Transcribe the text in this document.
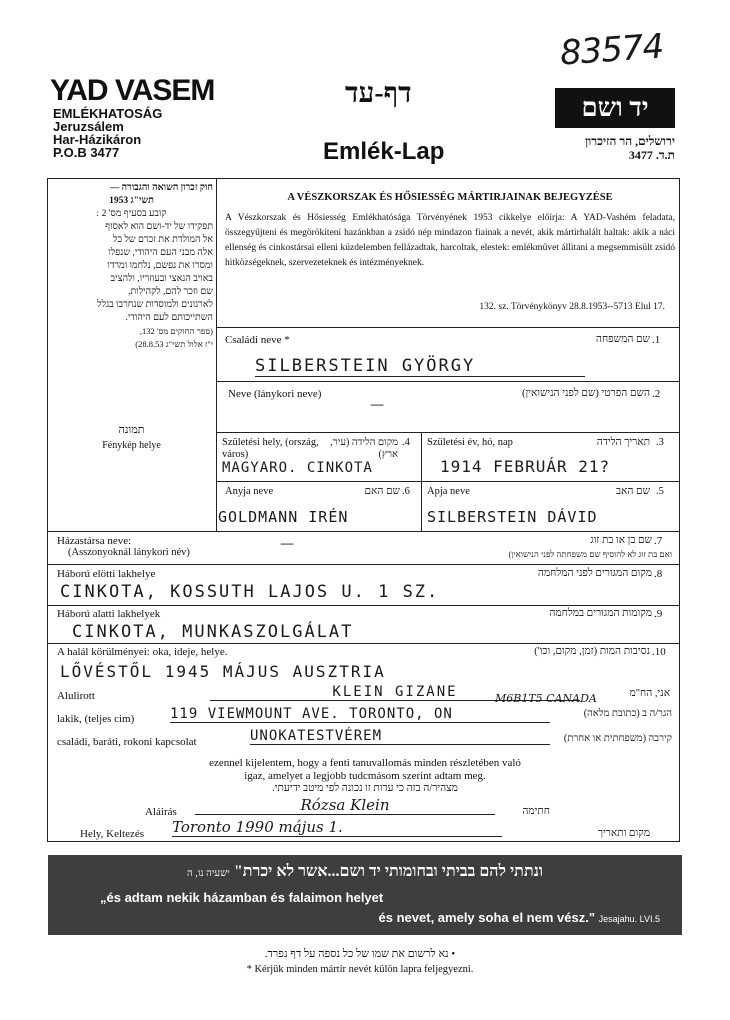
83574
YAD VASEM
EMLÉKHATOSÁG
Jeruzsálem
Har-Házikáron
P.O.B 3477
דף-עד
Emlék-Lap
יד ושם
ירושלים, הר הזיכרון
ת.ד. 3477
חוק זכרון השואה והגבורה —
תשי"ג 1953
קובע בסעיף מס' 2 :
תפקידו של יד-ושם הוא לאסוף
אל המולדת את זכרם של כל
אלה מבני העם היהודי, שנפלו
ומסרו את נפשם, נלחמו ומרדו
באויב הנאצי ובעוזריו, ולהציב
שם וזכר להם, לקהילות,
לארגונים ולמוסדות שנחרבו בגלל
השתייכותם לעם היהודי.
(ספר החוקים מס' 132,
י"ז אלול תשי"ג 28.8.53)
תמונה
Fénykép helye
A VÉSZKORSZAK ÉS HŐSIESSÉG MÁRTIRJAINAK BEJEGYZÉSE
A Vészkorszak és Hősiesség Emlékhatósága Törvényének 1953 cikkelye előírja: A YAD-Vashém feladata, összegyűjteni és megörökíteni hazánkban a zsidó nép mindazon fiainak a nevét, akik mártirhalált haltak: akik a náci ellenség és cinkostársai elleni küzdelemben fellázadtak, harcoltak, elestek: emlékművet állitani a megsemmisült zsidó hitközségeknek, szervezeteknek és intézményeknek.
132. sz. Törvénykönyv 28.8.1953--5713 Elul 17.
Családi neve *	שם המשפחה .1
SILBERSTEIN GYÖRGY
Neve (lánykori neve)	השם הפרטי (שם לפני הנישואין) .2
—
Születési hely, (ország, város)
מקום הלידה (עיר, ארץ)
.4
MAGYARO. CINKOTA
Születési év, hó, nap	תאריך הלידה .3
1914 FEBRUÁR 21?
Anyja neve	שם האם .6
GOLDMANN IRÉN
Apja neve	שם האב .5
SILBERSTEIN DÁVID
Házastársa neve:
(Asszonyoknál lánykori név)
שם בן או בת זוג
ואם בת זוג לא להוסיף שם משפחתה לפני הנישואין)
.7
—
Háború elötti lakhelye	מקום המגורים לפני המלחמה .8
CINKOTA, KOSSUTH LAJOS U. 1 SZ.
Háború alatti lakhelyek	מקומות המגורים במלחמה .9
CINKOTA, MUNKASZOLGÁLAT
A halál körülményei: oka, ideje, helye.	נסיבות המות (זמן, מקום, וכו') .10
LŐVÉSTŐL 1945 MÁJUS AUSZTRIA
Alulirott	KLEIN GIZANE	אני, הח"מ
lakik, (teljes cim)	119 VIEWMOUNT AVE. TORONTO, ON
M6B1T5 CANADA
הגר/ה ב (כתובת מלאה)
családi, baráti, rokoni kapcsolat	UNOKATESTVÉREM	קירבה (משפחתית או אחרת)
ezennel kijelentem, hogy a fenti tanuvallomás minden részletében való
igaz, amelyet a legjobb tudcmásom szerint adtam meg.
מצהיר/ה בזה כי עדות זו נכונה לפי מיטב ידיעתי.
Aláirás	Rózsa Klein	חתימה
Hely, Keltezés Toronto 1990 május 1.	מקום ותאריך
ונתתי להם בביתי ובחומותי יד ושם...אשר לא יכרת" ישעיה נו, ה
„és adtam nekik házamban és falaimon helyet
és nevet, amely soha el nem vész." Jesajahu. LVI.5
• נא לרשום את שמו של כל נספה על דף נפרד.
* Kérjük minden mártir nevét külön lapra feljegyezni.
